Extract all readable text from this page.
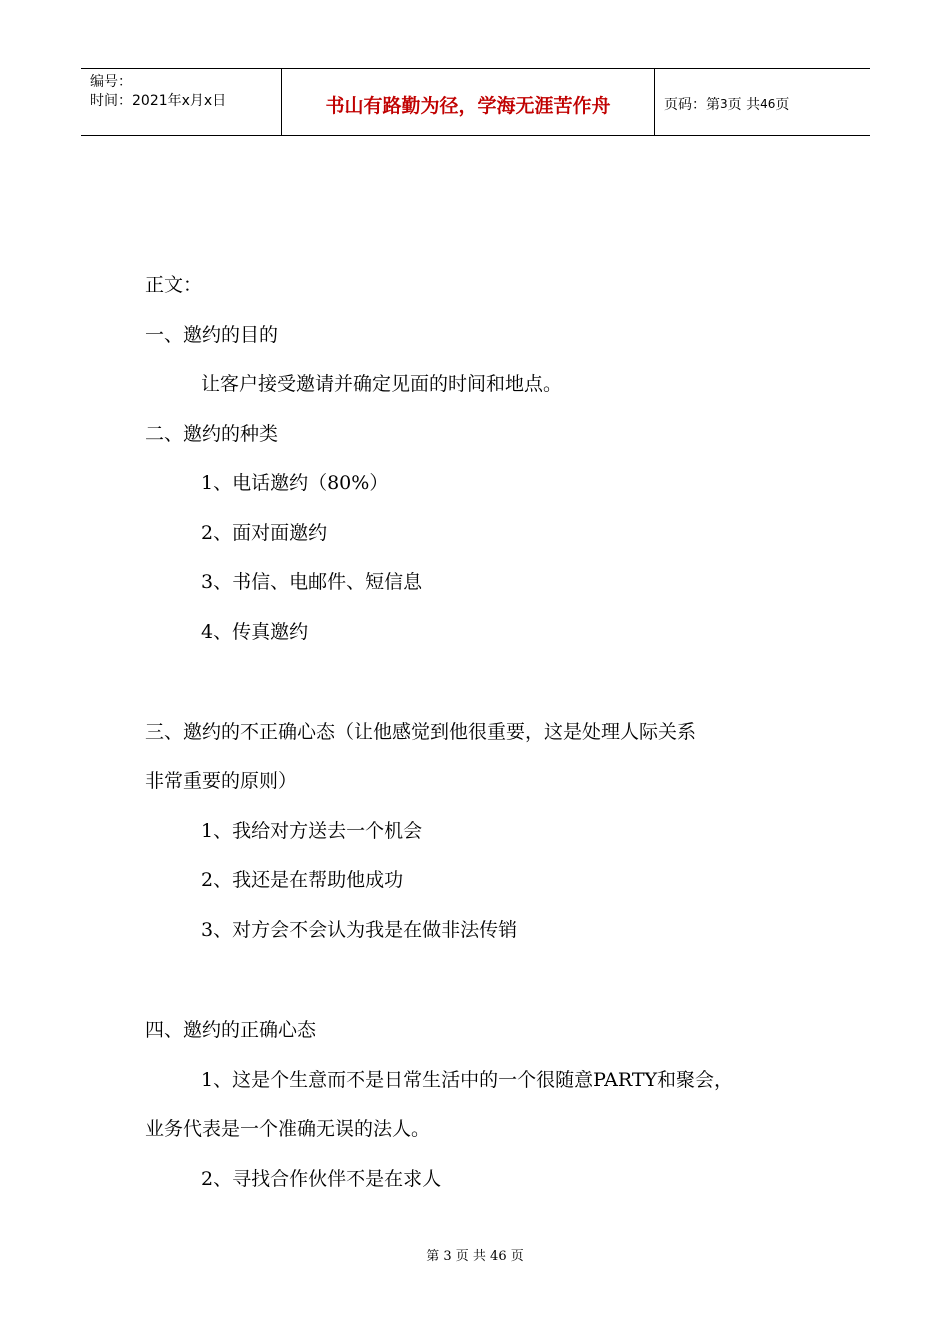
编号：
时间：2021年x月x日	书山有路勤为径，学海无涯苦作舟	页码：第 3 页 共 46 页
正文：
一、邀约的目的
让客户接受邀请并确定见面的时间和地点。
二、邀约的种类
1、电话邀约（80%）
2、面对面邀约
3、书信、电邮件、短信息
4、传真邀约
三、邀约的不正确心态（让他感觉到他很重要，这是处理人际关系
非常重要的原则）
1、我给对方送去一个机会
2、我还是在帮助他成功
3、对方会不会认为我是在做非法传销
四、邀约的正确心态
1、这是个生意而不是日常生活中的一个很随意PARTY和聚会，
业务代表是一个准确无误的法人。
2、寻找合作伙伴不是在求人
第 3 页 共 46 页
